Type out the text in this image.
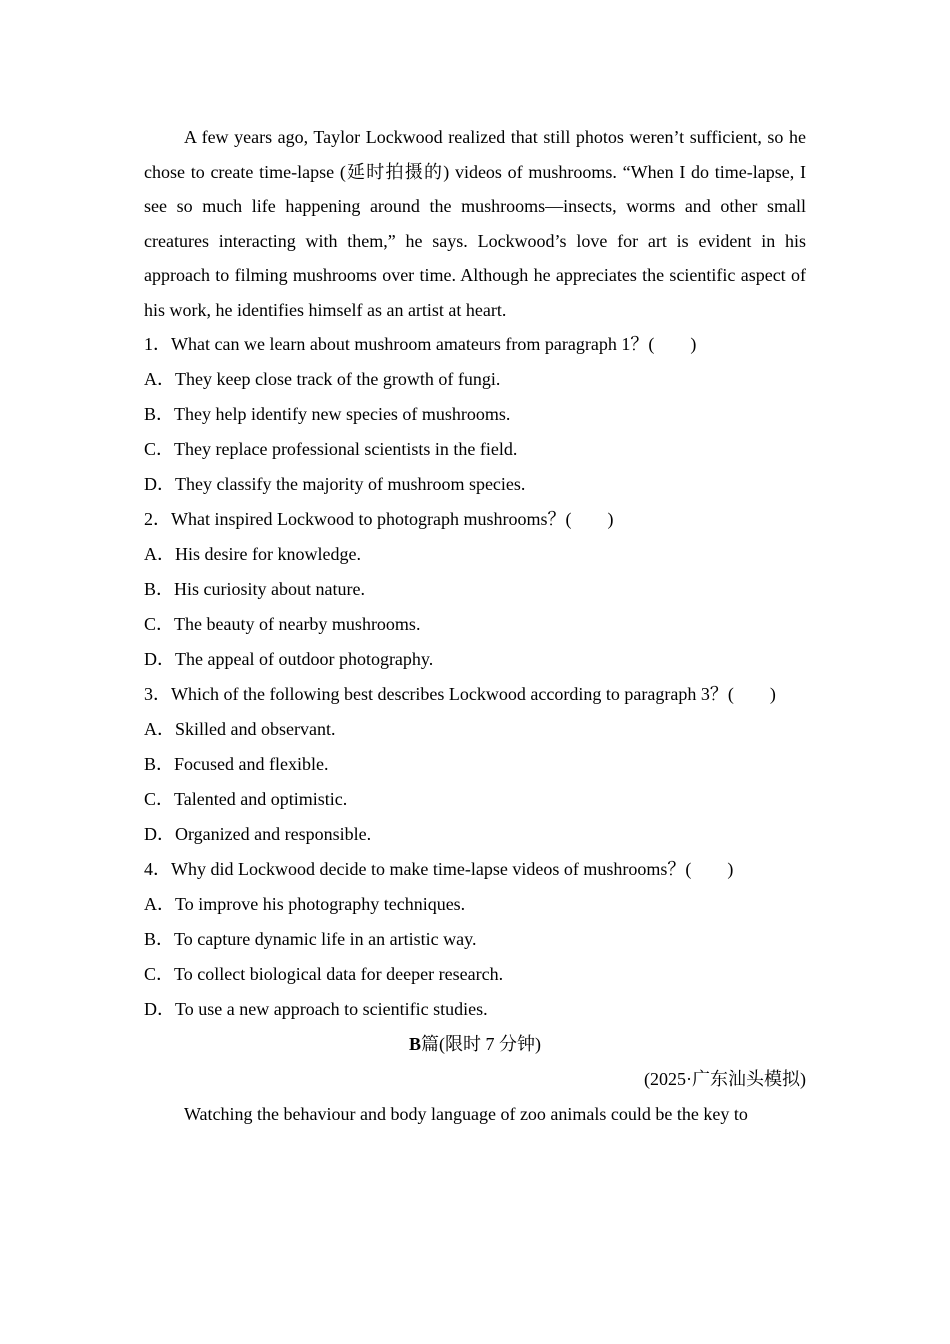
A few years ago, Taylor Lockwood realized that still photos weren’t sufficient, so he chose to create time-lapse (延时拍摄的) videos of mushrooms. “When I do time-lapse, I see so much life happening around the mushrooms—insects, worms and other small creatures interacting with them,” he says. Lockwood’s love for art is evident in his approach to filming mushrooms over time. Although he appreciates the scientific aspect of his work, he identifies himself as an artist at heart.

1．What can we learn about mushroom amateurs from paragraph 1？(　　)

A．They keep close track of the growth of fungi.

B．They help identify new species of mushrooms.

C．They replace professional scientists in the field.

D．They classify the majority of mushroom species.

2．What inspired Lockwood to photograph mushrooms？(　　)

A．His desire for knowledge.

B．His curiosity about nature.

C．The beauty of nearby mushrooms.

D．The appeal of outdoor photography.

3．Which of the following best describes Lockwood according to paragraph 3？(　　)

A．Skilled and observant.

B．Focused and flexible.

C．Talented and optimistic.

D．Organized and responsible.

4．Why did Lockwood decide to make time-lapse videos of mushrooms？(　　)

A．To improve his photography techniques.

B．To capture dynamic life in an artistic way.

C．To collect biological data for deeper research.

D．To use a new approach to scientific studies.

B篇(限时 7 分钟)

(2025·广东汕头模拟)

Watching the behaviour and body language of zoo animals could be the key to
